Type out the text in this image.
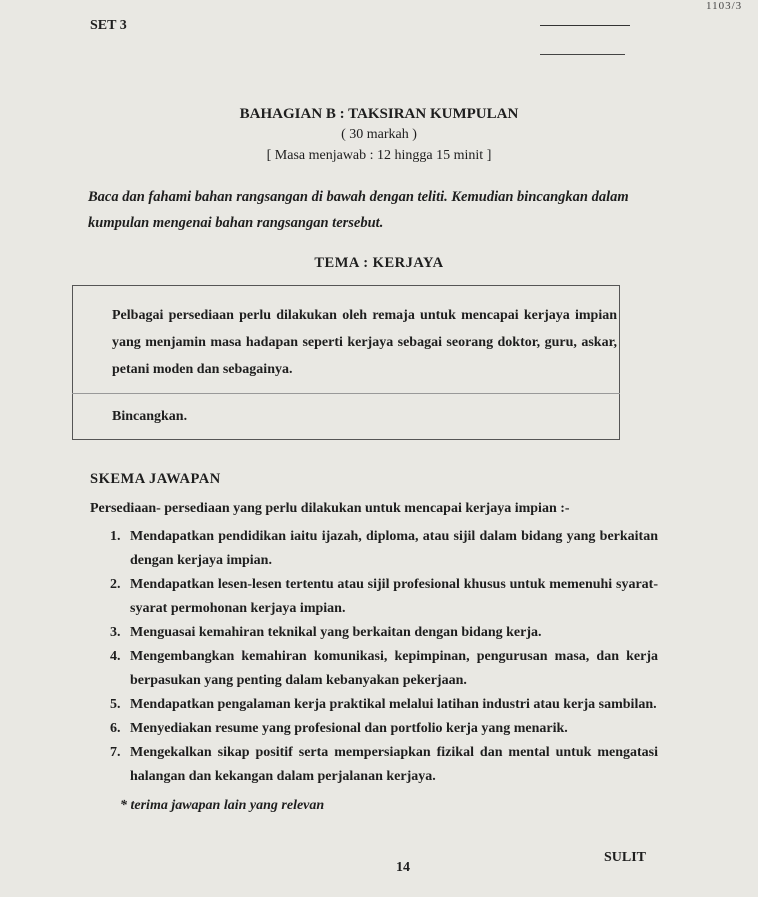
1103/3
SET 3
BAHAGIAN B : TAKSIRAN KUMPULAN
( 30 markah )
[ Masa menjawab : 12 hingga 15 minit ]
Baca dan fahami bahan rangsangan di bawah dengan teliti. Kemudian bincangkan dalam kumpulan mengenai bahan rangsangan tersebut.
TEMA : KERJAYA
Pelbagai persediaan perlu dilakukan oleh remaja untuk mencapai kerjaya impian yang menjamin masa hadapan seperti kerjaya sebagai seorang doktor, guru, askar, petani moden dan sebagainya.
Bincangkan.
SKEMA JAWAPAN
Persediaan- persediaan yang perlu dilakukan untuk mencapai kerjaya impian :-
1. Mendapatkan pendidikan iaitu ijazah, diploma, atau sijil dalam bidang yang berkaitan dengan kerjaya impian.
2. Mendapatkan lesen-lesen tertentu atau sijil profesional khusus untuk memenuhi syarat-syarat permohonan kerjaya impian.
3. Menguasai kemahiran teknikal yang berkaitan dengan bidang kerja.
4. Mengembangkan kemahiran komunikasi, kepimpinan, pengurusan masa, dan kerja berpasukan yang penting dalam kebanyakan pekerjaan.
5. Mendapatkan pengalaman kerja praktikal melalui latihan industri atau kerja sambilan.
6. Menyediakan resume yang profesional dan portfolio kerja yang menarik.
7. Mengekalkan sikap positif serta mempersiapkan fizikal dan mental untuk mengatasi halangan dan kekangan dalam perjalanan kerjaya.
* terima jawapan lain yang relevan
14
SULIT
